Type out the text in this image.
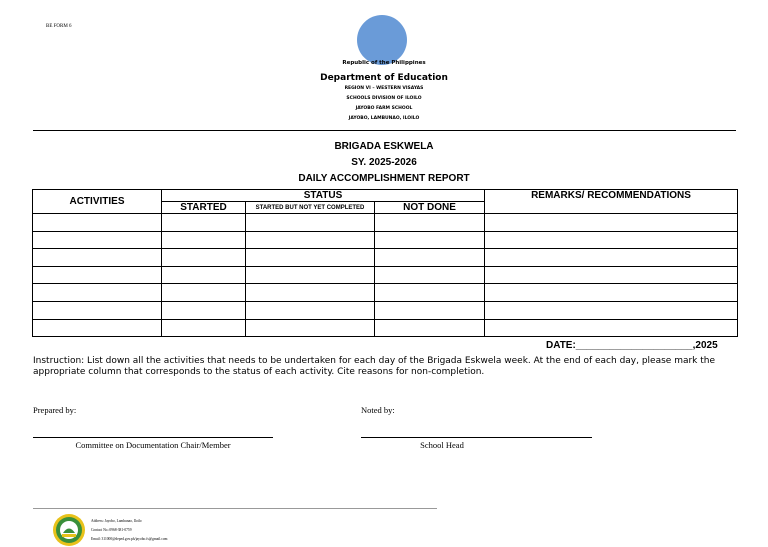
BE FORM 6
Republic of the Philippines
Department of Education
REGION VI – WESTERN VISAYAS
SCHOOLS DIVISION OF ILOILO
JAYOBO FARM SCHOOL
JAYOBO, LAMBUNAO, ILOILO
BRIGADA ESKWELA
SY. 2025-2026
DAILY ACCOMPLISHMENT REPORT
ACTIVITIES	STATUS			REMARKS/ RECOMMENDATIONS
	STARTED	STARTED BUT NOT YET COMPLETED	NOT DONE	

DATE:_____________________,2025
Instruction: List down all the activities that needs to be undertaken for each day of the Brigada Eskwela week. At the end of each day, please mark the
appropriate column that corresponds to the status of each activity. Cite reasons for non-completion.
Prepared by:	Noted by:
Committee on Documentation Chair/Member	School Head
Address: Jayobo, Lambunao, Iloilo
Contact No.:0968-381-0759
Email: 311000@deped.gov.ph/jayobo.fs@gmail.com
